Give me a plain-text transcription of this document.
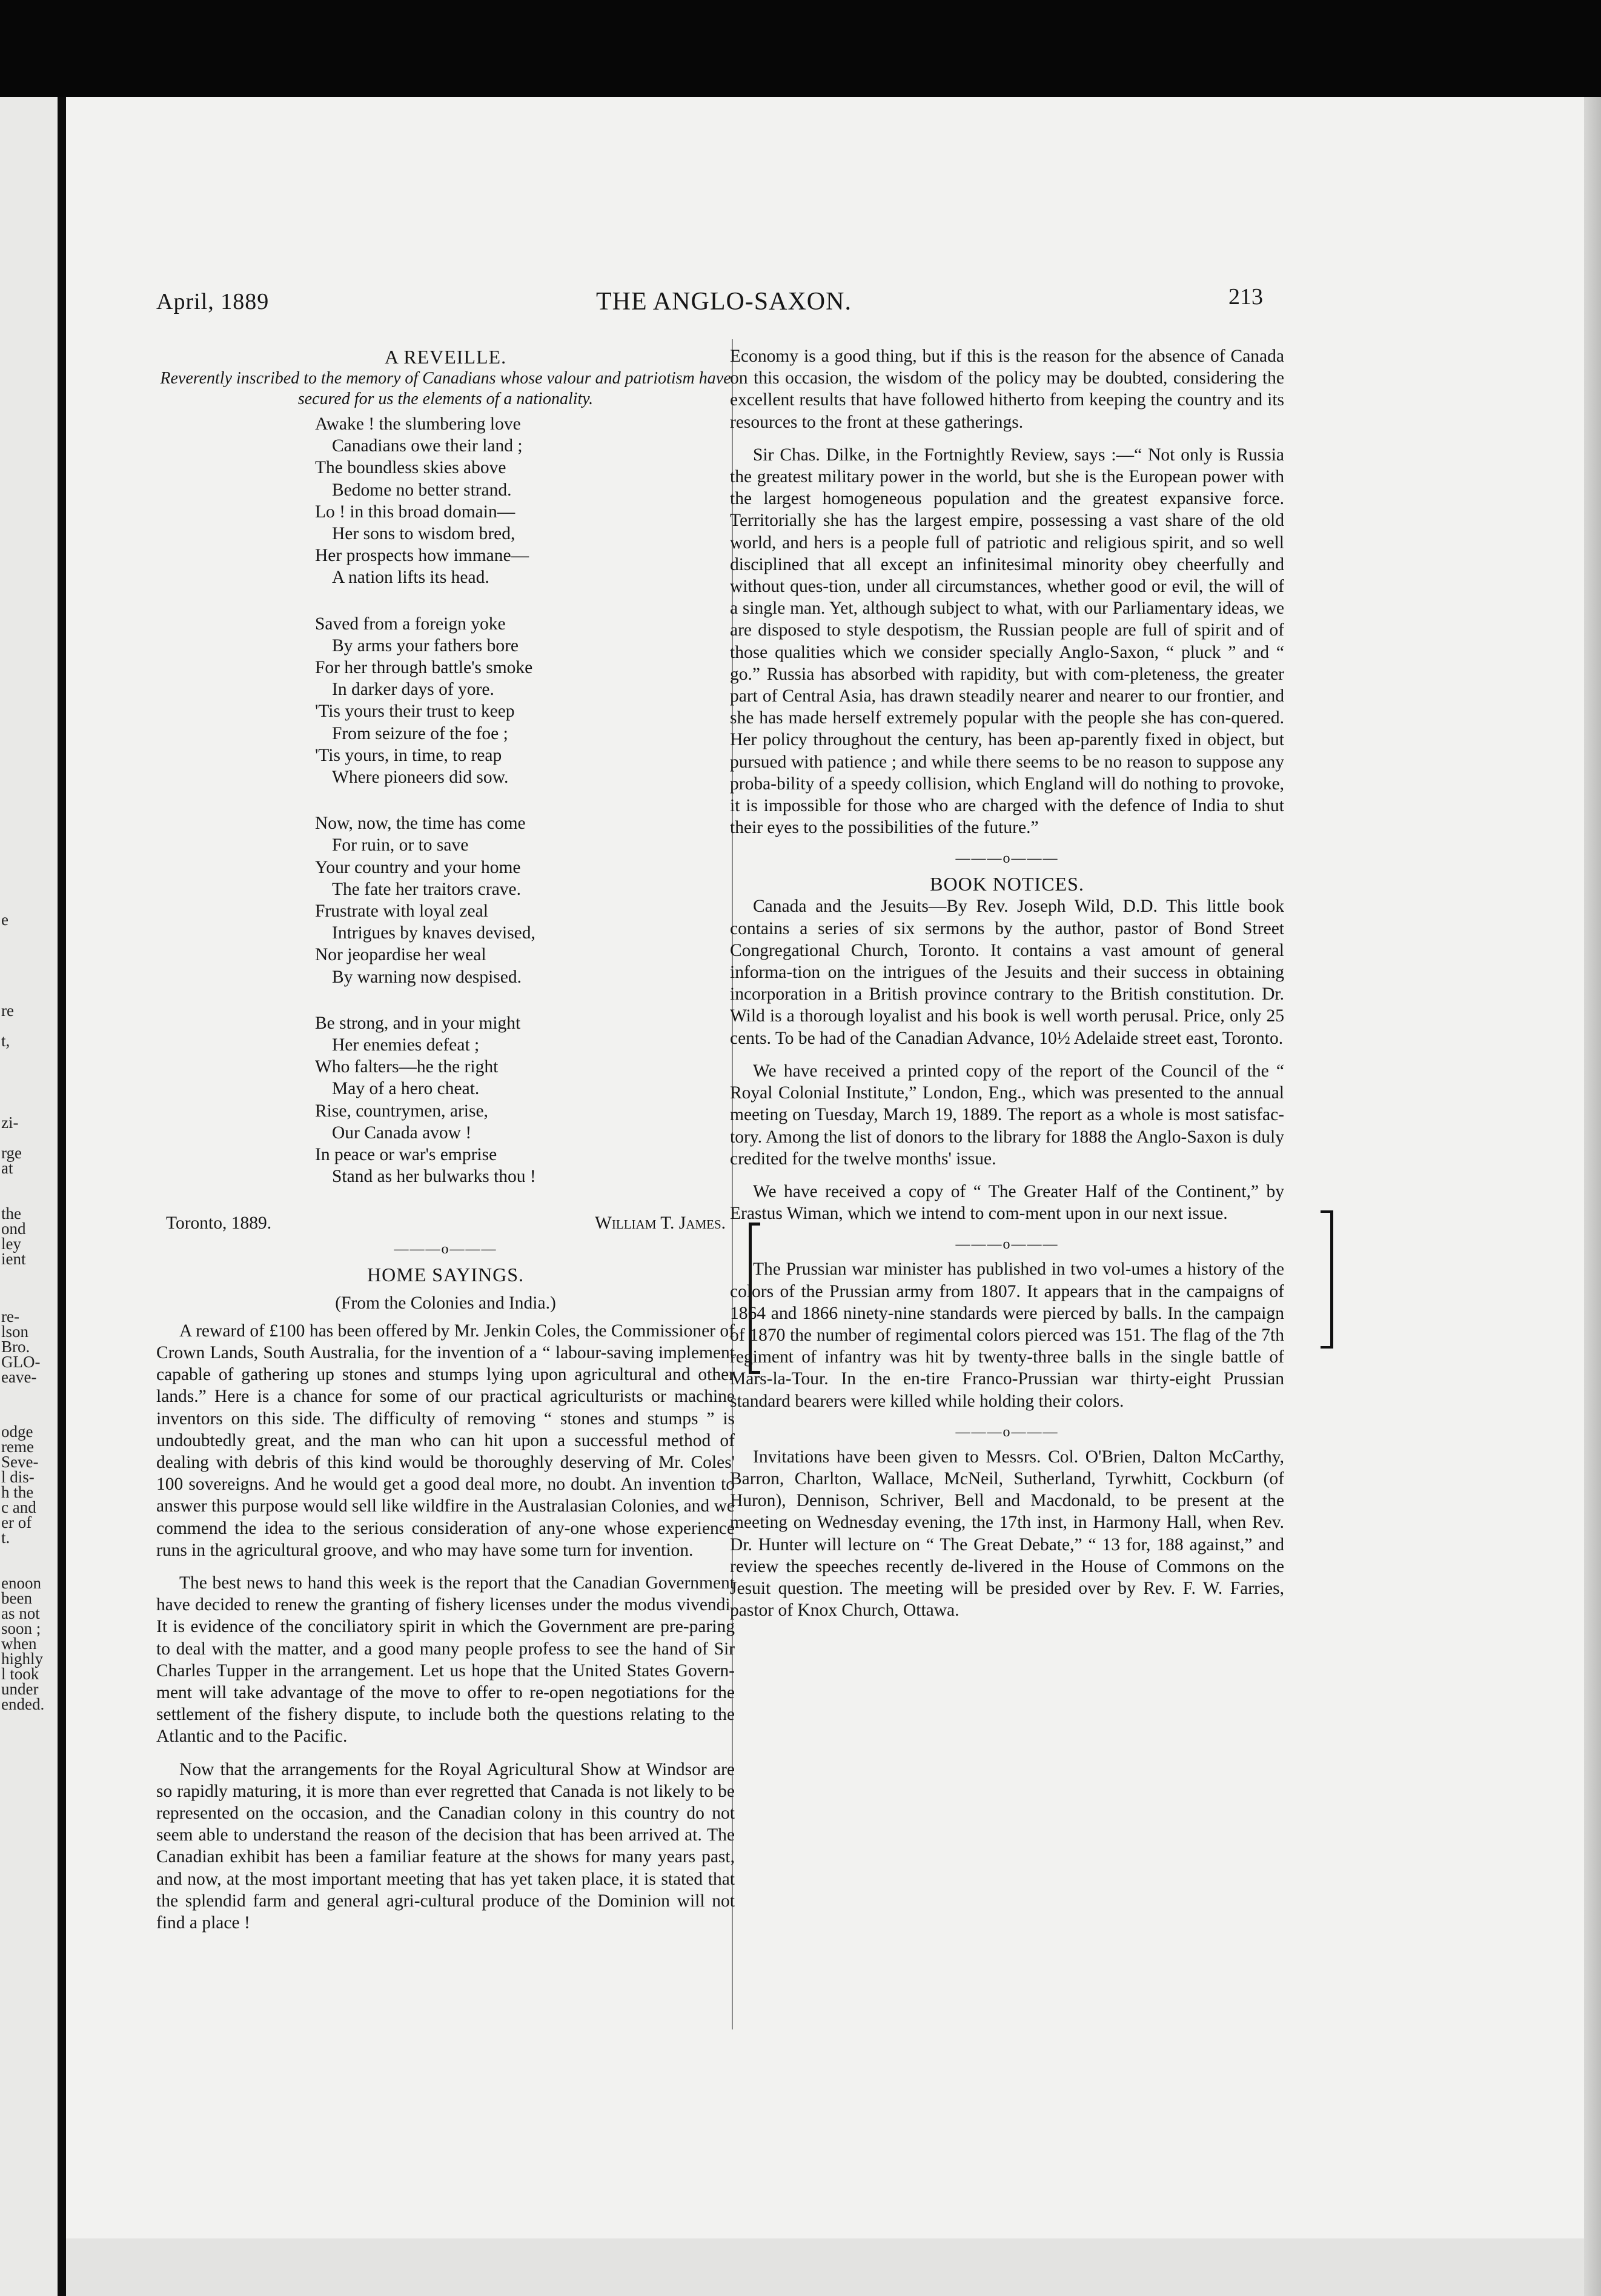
e
re
t,
zi-
rge
at
the
ond
ley
ient
re-
lson
Bro.
GLO-
eave-
odge
reme
Seve-
l dis-
h the
c and
er of
t.
enoon
been
as not
soon ;
when
highly
l took
under
ended.
April, 1889	THE ANGLO-SAXON.	213
A REVEILLE.

Reverently inscribed to the memory of Canadians whose valour and patriotism have secured for us the elements of a nationality.

Awake ! the slumbering love
Canadians owe their land ;
The boundless skies above
Bedome no better strand.
Lo ! in this broad domain—
Her sons to wisdom bred,
Her prospects how immane—
A nation lifts its head.
Saved from a foreign yoke
By arms your fathers bore
For her through battle's smoke
In darker days of yore.
'Tis yours their trust to keep
From seizure of the foe ;
'Tis yours, in time, to reap
Where pioneers did sow.
Now, now, the time has come
For ruin, or to save
Your country and your home
The fate her traitors crave.
Frustrate with loyal zeal
Intrigues by knaves devised,
Nor jeopardise her weal
By warning now despised.
Be strong, and in your might
Her enemies defeat ;
Who falters—he the right
May of a hero cheat.
Rise, countrymen, arise,
Our Canada avow !
In peace or war's emprise
Stand as her bulwarks thou !
Toronto, 1889.	William T. James.
———o———
HOME SAYINGS.
(From the Colonies and India.)

A reward of £100 has been offered by Mr. Jenkin Coles, the Commissioner of Crown Lands, South Australia, for the invention of a “ labour-saving implement capable of gathering up stones and stumps lying upon agricultural and other lands.” Here is a chance for some of our practical agriculturists or machine inventors on this side. The difficulty of removing “ stones and stumps ” is undoubtedly great, and the man who can hit upon a successful method of dealing with debris of this kind would be thoroughly deserving of Mr. Coles' 100 sovereigns. And he would get a good deal more, no doubt. An invention to answer this purpose would sell like wildfire in the Australasian Colonies, and we commend the idea to the serious consideration of any-one whose experience runs in the agricultural groove, and who may have some turn for invention.

The best news to hand this week is the report that the Canadian Government have decided to renew the granting of fishery licenses under the modus vivendi. It is evidence of the conciliatory spirit in which the Government are pre-paring to deal with the matter, and a good many people profess to see the hand of Sir Charles Tupper in the arrangement. Let us hope that the United States Govern-ment will take advantage of the move to offer to re-open negotiations for the settlement of the fishery dispute, to include both the questions relating to the Atlantic and to the Pacific.

Now that the arrangements for the Royal Agricultural Show at Windsor are so rapidly maturing, it is more than ever regretted that Canada is not likely to be represented on the occasion, and the Canadian colony in this country do not seem able to understand the reason of the decision that has been arrived at. The Canadian exhibit has been a familiar feature at the shows for many years past, and now, at the most important meeting that has yet taken place, it is stated that the splendid farm and general agri-cultural produce of the Dominion will not find a place !

Economy is a good thing, but if this is the reason for the absence of Canada on this occasion, the wisdom of the policy may be doubted, considering the excellent results that have followed hitherto from keeping the country and its resources to the front at these gatherings.

Sir Chas. Dilke, in the Fortnightly Review, says :—“ Not only is Russia the greatest military power in the world, but she is the European power with the largest homogeneous population and the greatest expansive force. Territorially she has the largest empire, possessing a vast share of the old world, and hers is a people full of patriotic and religious spirit, and so well disciplined that all except an infinitesimal minority obey cheerfully and without ques-tion, under all circumstances, whether good or evil, the will of a single man. Yet, although subject to what, with our Parliamentary ideas, we are disposed to style despotism, the Russian people are full of spirit and of those qualities which we consider specially Anglo-Saxon, “ pluck ” and “ go.” Russia has absorbed with rapidity, but with com-pleteness, the greater part of Central Asia, has drawn steadily nearer and nearer to our frontier, and she has made herself extremely popular with the people she has con-quered. Her policy throughout the century, has been ap-parently fixed in object, but pursued with patience ; and while there seems to be no reason to suppose any proba-bility of a speedy collision, which England will do nothing to provoke, it is impossible for those who are charged with the defence of India to shut their eyes to the possibilities of the future.”

———o———
BOOK NOTICES.

Canada and the Jesuits—By Rev. Joseph Wild, D.D. This little book contains a series of six sermons by the author, pastor of Bond Street Congregational Church, Toronto. It contains a vast amount of general informa-tion on the intrigues of the Jesuits and their success in obtaining incorporation in a British province contrary to the British constitution. Dr. Wild is a thorough loyalist and his book is well worth perusal. Price, only 25 cents. To be had of the Canadian Advance, 10½ Adelaide street east, Toronto.

We have received a printed copy of the report of the Council of the “ Royal Colonial Institute,” London, Eng., which was presented to the annual meeting on Tuesday, March 19, 1889. The report as a whole is most satisfac-tory. Among the list of donors to the library for 1888 the Anglo-Saxon is duly credited for the twelve months' issue.

We have received a copy of “ The Greater Half of the Continent,” by Erastus Wiman, which we intend to com-ment upon in our next issue.

———o———

The Prussian war minister has published in two vol-umes a history of the colors of the Prussian army from 1807. It appears that in the campaigns of 1864 and 1866 ninety-nine standards were pierced by balls. In the campaign of 1870 the number of regimental colors pierced was 151. The flag of the 7th regiment of infantry was hit by twenty-three balls in the single battle of Mars-la-Tour. In the en-tire Franco-Prussian war thirty-eight Prussian standard bearers were killed while holding their colors.

———o———

Invitations have been given to Messrs. Col. O'Brien, Dalton McCarthy, Barron, Charlton, Wallace, McNeil, Sutherland, Tyrwhitt, Cockburn (of Huron), Dennison, Schriver, Bell and Macdonald, to be present at the meeting on Wednesday evening, the 17th inst, in Harmony Hall, when Rev. Dr. Hunter will lecture on “ The Great Debate,” “ 13 for, 188 against,” and review the speeches recently de-livered in the House of Commons on the Jesuit question. The meeting will be presided over by Rev. F. W. Farries, pastor of Knox Church, Ottawa.
